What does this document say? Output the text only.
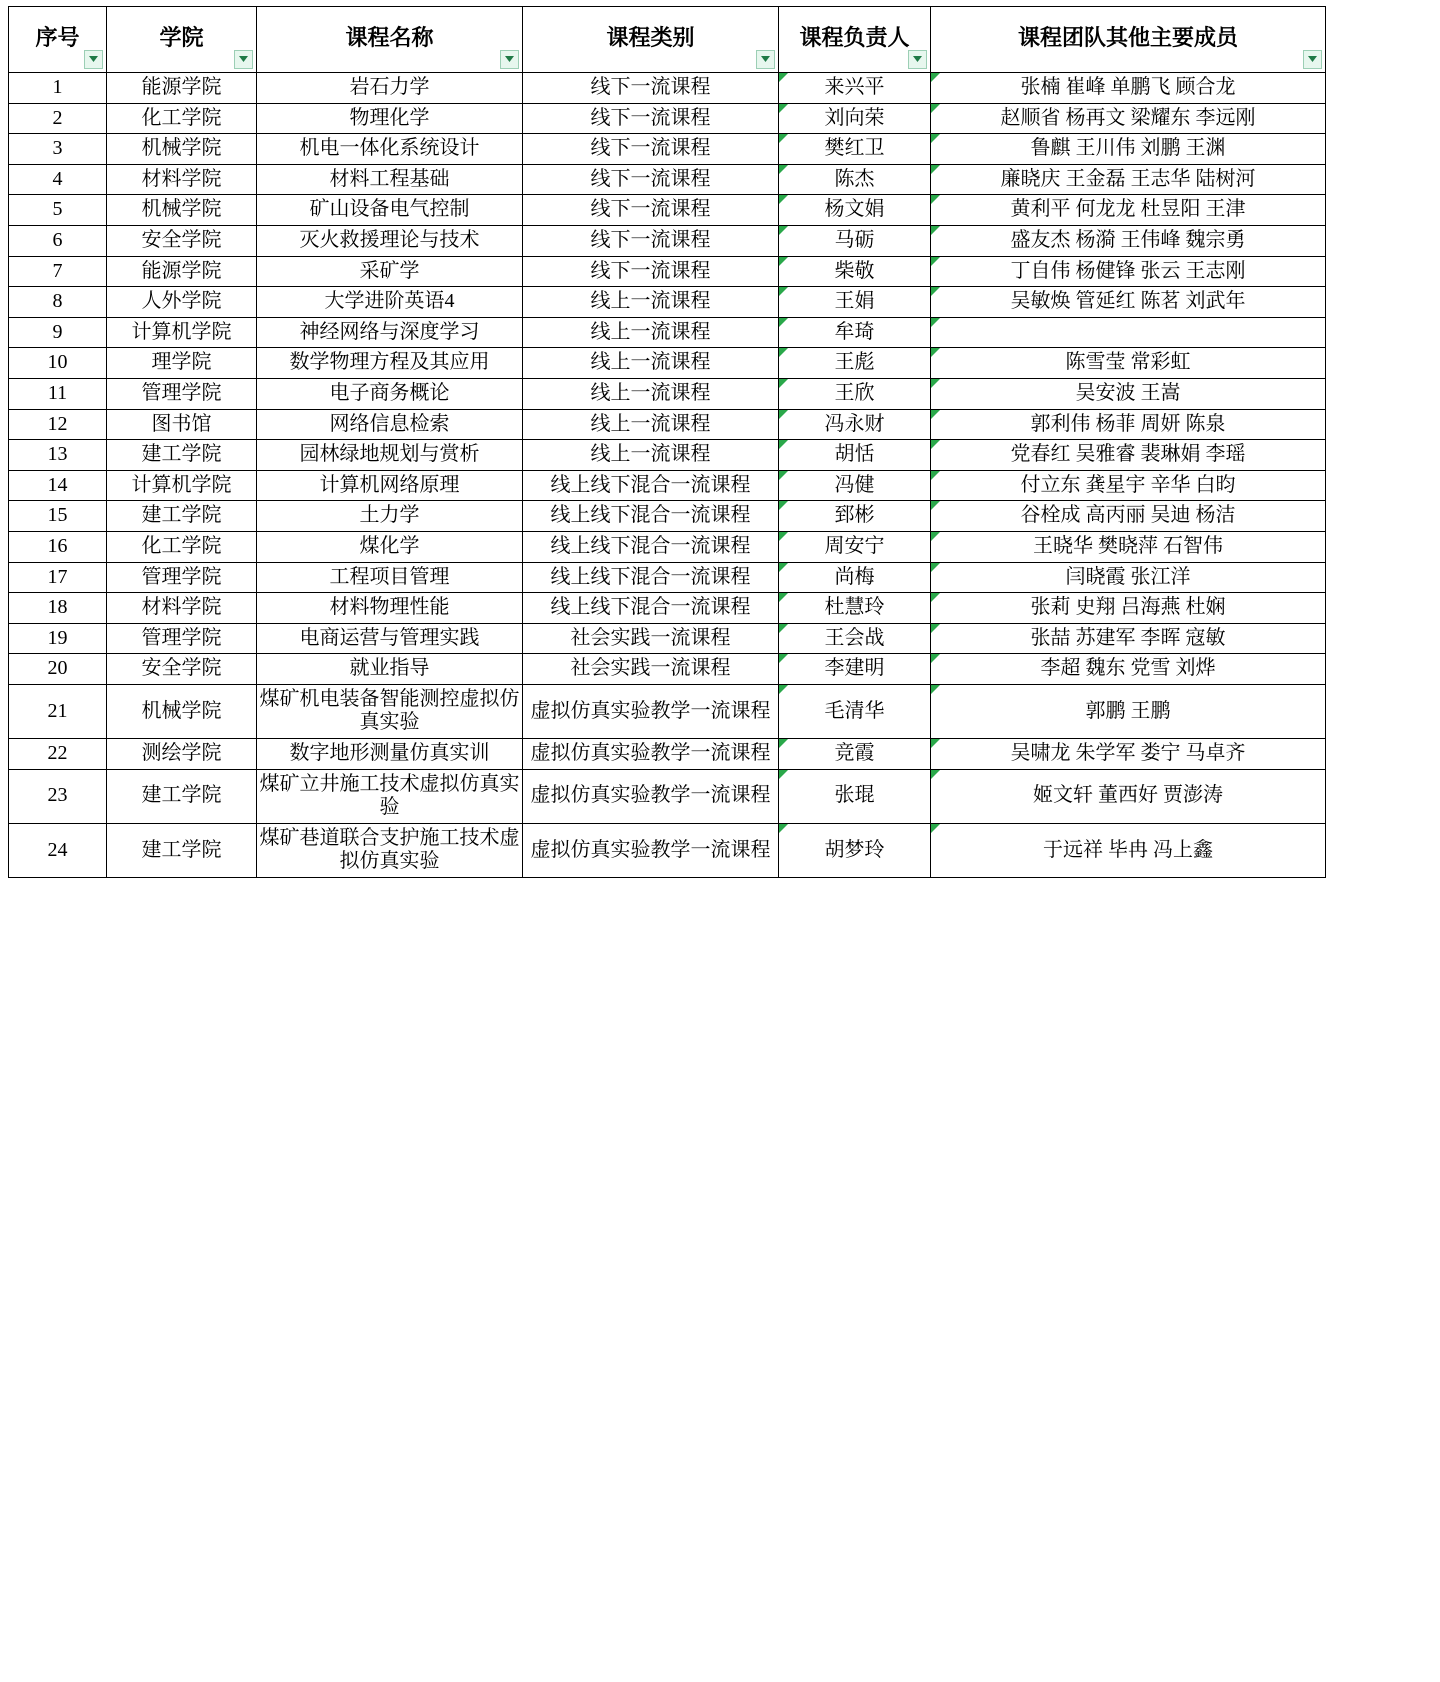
序号	学院	课程名称	课程类别	课程负责人	课程团队其他主要成员

1	能源学院	岩石力学	线下一流课程	来兴平	张楠 崔峰 单鹏飞 顾合龙
2	化工学院	物理化学	线下一流课程	刘向荣	赵顺省 杨再文 梁耀东 李远刚
3	机械学院	机电一体化系统设计	线下一流课程	樊红卫	鲁麒 王川伟 刘鹏 王渊
4	材料学院	材料工程基础	线下一流课程	陈杰	廉晓庆 王金磊 王志华 陆树河
5	机械学院	矿山设备电气控制	线下一流课程	杨文娟	黄利平 何龙龙 杜昱阳 王津
6	安全学院	灭火救援理论与技术	线下一流课程	马砺	盛友杰 杨漪 王伟峰 魏宗勇
7	能源学院	采矿学	线下一流课程	柴敬	丁自伟 杨健锋 张云 王志刚
8	人外学院	大学进阶英语4	线上一流课程	王娟	吴敏焕 管延红 陈茗 刘武年
9	计算机学院	神经网络与深度学习	线上一流课程	牟琦	
10	理学院	数学物理方程及其应用	线上一流课程	王彪	陈雪莹 常彩虹
11	管理学院	电子商务概论	线上一流课程	王欣	吴安波 王嵩
12	图书馆	网络信息检索	线上一流课程	冯永财	郭利伟 杨菲 周妍 陈泉
13	建工学院	园林绿地规划与赏析	线上一流课程	胡恬	党春红 吴雅睿 裴琳娟 李瑶
14	计算机学院	计算机网络原理	线上线下混合一流课程	冯健	付立东 龚星宇 辛华 白昀
15	建工学院	土力学	线上线下混合一流课程	郅彬	谷栓成 高丙丽 吴迪 杨洁
16	化工学院	煤化学	线上线下混合一流课程	周安宁	王晓华 樊晓萍 石智伟
17	管理学院	工程项目管理	线上线下混合一流课程	尚梅	闫晓霞 张江洋
18	材料学院	材料物理性能	线上线下混合一流课程	杜慧玲	张莉 史翔 吕海燕 杜娴
19	管理学院	电商运营与管理实践	社会实践一流课程	王会战	张喆 苏建军 李晖 寇敏
20	安全学院	就业指导	社会实践一流课程	李建明	李超 魏东 党雪 刘烨
21	机械学院	煤矿机电装备智能测控虚拟仿真实验	虚拟仿真实验教学一流课程	毛清华	郭鹏 王鹏
22	测绘学院	数字地形测量仿真实训	虚拟仿真实验教学一流课程	竞霞	吴啸龙 朱学军 娄宁 马卓齐
23	建工学院	煤矿立井施工技术虚拟仿真实验	虚拟仿真实验教学一流课程	张琨	姬文轩 董西好 贾澎涛
24	建工学院	煤矿巷道联合支护施工技术虚拟仿真实验	虚拟仿真实验教学一流课程	胡梦玲	于远祥 毕冉 冯上鑫
